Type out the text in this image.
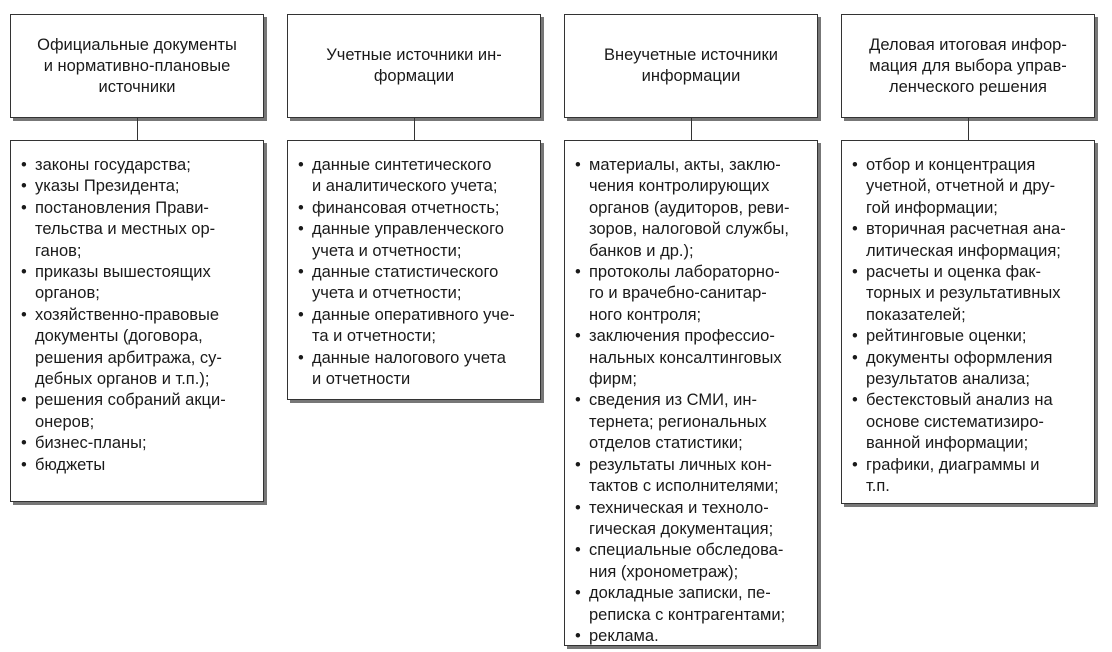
Официальные документы
и нормативно-плановые
источники
• законы государства;
• указы Президента;
• постановления Прави-
тельства и местных ор-
ганов;
• приказы вышестоящих
органов;
• хозяйственно-правовые
документы (договора,
решения арбитража, су-
дебных органов и т.п.);
• решения собраний акци-
онеров;
• бизнес-планы;
• бюджеты
Учетные источники ин-
формации
• данные синтетического
и аналитического учета;
• финансовая отчетность;
• данные управленческого
учета и отчетности;
• данные статистического
учета и отчетности;
• данные оперативного уче-
та и отчетности;
• данные налогового учета
и отчетности
Внеучетные источники
информации
• материалы, акты, заклю-
чения контролирующих
органов (аудиторов, реви-
зоров, налоговой службы,
банков и др.);
• протоколы лабораторно-
го и врачебно-санитар-
ного контроля;
• заключения профессио-
нальных консалтинговых
фирм;
• сведения из СМИ, ин-
тернета; региональных
отделов статистики;
• результаты личных кон-
тактов с исполнителями;
• техническая и техноло-
гическая документация;
• специальные обследова-
ния (хронометраж);
• докладные записки, пе-
реписка с контрагентами;
• реклама.
Деловая итоговая инфор-
мация для выбора управ-
ленческого решения
• отбор и концентрация
учетной, отчетной и дру-
гой информации;
• вторичная расчетная ана-
литическая информация;
• расчеты и оценка фак-
торных и результативных
показателей;
• рейтинговые оценки;
• документы оформления
результатов анализа;
• бестекстовый анализ на
основе систематизиро-
ванной информации;
• графики, диаграммы и
т.п.
